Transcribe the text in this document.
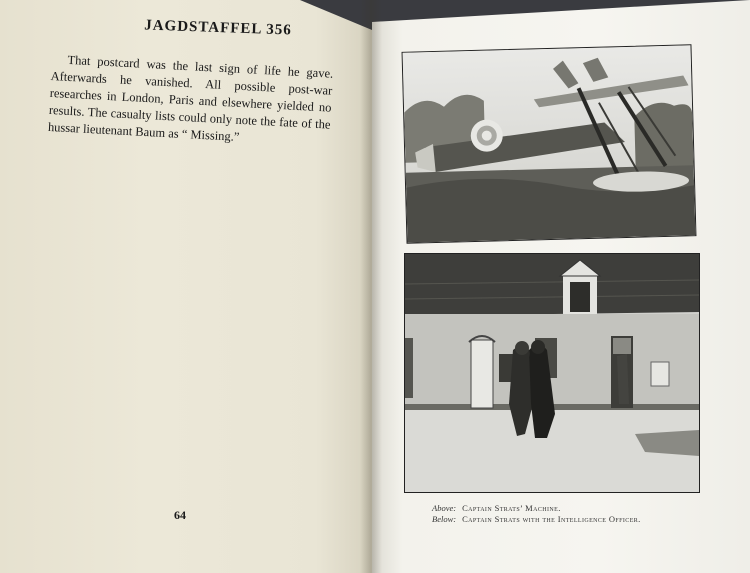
JAGDSTAFFEL 356

That postcard was the last sign of life he gave. Afterwards he vanished. All possible post-war researches in London, Paris and elsewhere yielded no results. The casualty lists could only note the fate of the hussar lieutenant Baum as “ Missing.”

64	Above: Captain Strats’ Machine.
Below: Captain Strats with the Intelligence Officer.
